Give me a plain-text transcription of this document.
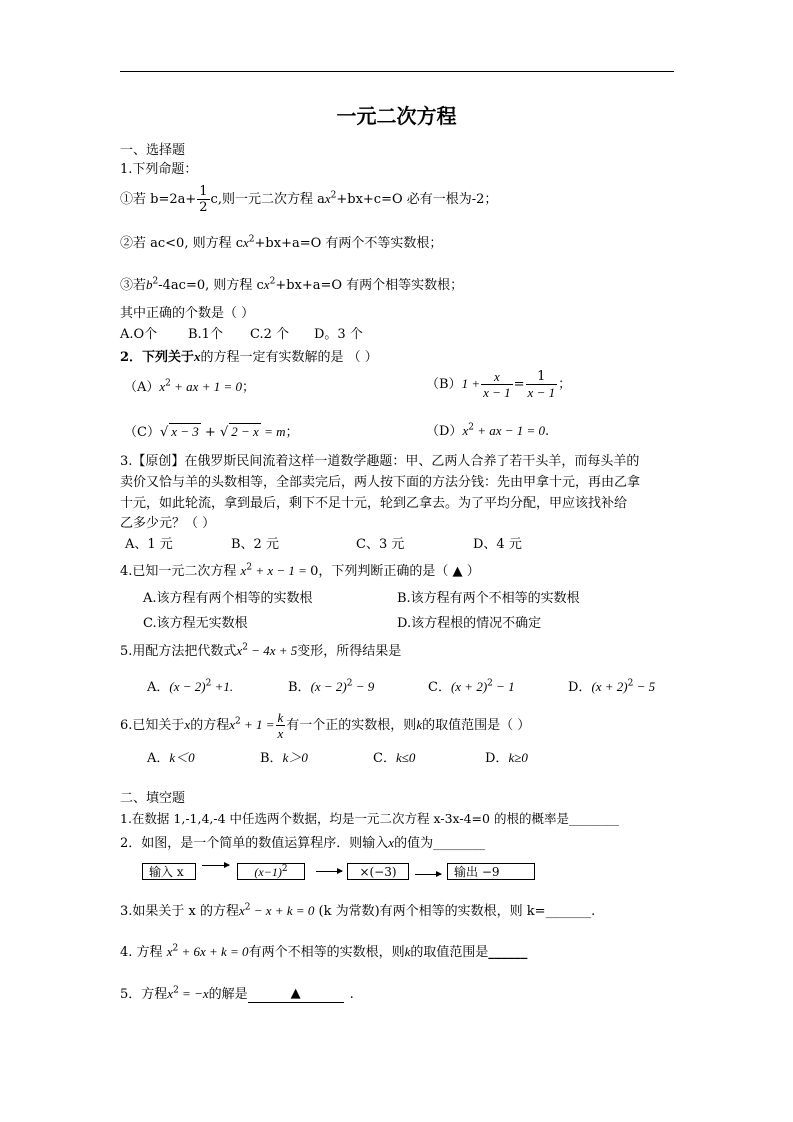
一元二次方程
一、选择题
1.下列命题：
①若 $b=2a+ \frac{1}{2} c$,则一元二次方程 $ax^2+bx+c=O$ 必有一根为-2；
②若 ac<0, 则方程 $cx^2+bx+a=O$ 有两个不等实数根；
③若$b^2-4ac=0$, 则方程 $cx^2+bx+a=O$ 有两个相等实数根；
其中正确的个数是（ ）
A.O个 B.1个 C.2 个 D。3 个
2．下列关于x的方程一定有实数解的是 （ ）
$(A)x^2$ + ax + 1 = 0；	$(B)1 + \frac{x}{x - 1} = \frac{1}{x - 1}$ ；
（C）√ x − 3 + √ 2 − x = m；	$(D)x^2$ + ax − 1 = 0.
3.【原创】在俄罗斯民间流着这样一道数学趣题：甲、乙两人合养了若干头羊，而每头羊的
卖价又恰与羊的头数相等，全部卖完后，两人按下面的方法分钱：先由甲拿十元，再由乙拿
十元，如此轮流，拿到最后，剩下不足十元，轮到乙拿去。为了平均分配，甲应该找补给
乙多少元？（ ）
A、1 元	B、2 元	C、3 元	D、4 元
4.已知一元二次方程 $x^2 + x - 1 = 0$，下列判断正确的是（ ▲ ）
A.该方程有两个相等的实数根	B.该方程有两个不相等的实数根
C.该方程无实数根	D.该方程根的情况不确定
5.用配方法把代数式$x^2 - 4x + 5$变形，所得结果是
A．$(x - 2)^2 +1$.	B．$(x - 2)^2 - 9$	C．$(x + 2)^2 - 1$	D．$(x + 2)^2 - 5$
6.已知关于x的方程$x^2 + 1 = \frac{k}{x}$ 有一个正的实数根，则k的取值范围是（ ）
A．k＜0	B．k＞0	C．k≤0	D．k≥0
二、填空题
1.在数据 1,-1,4,-4 中任选两个数据，均是一元二次方程 x-3x-4=0 的根的概率是________
2．如图，是一个简单的数值运算程序．则输入x的值为________
输入 x	$(x-1)^2$	×(−3)	输出 −9
3.如果关于 x 的方程$x^2 - x + k = 0$ (k 为常数)有两个相等的实数根，则 k=_______.
4. 方程 $x^2 + 6x + k = 0$有两个不相等的实数根，则k的取值范围是______
5．方程$x^2 = -x$的解是	▲	.
